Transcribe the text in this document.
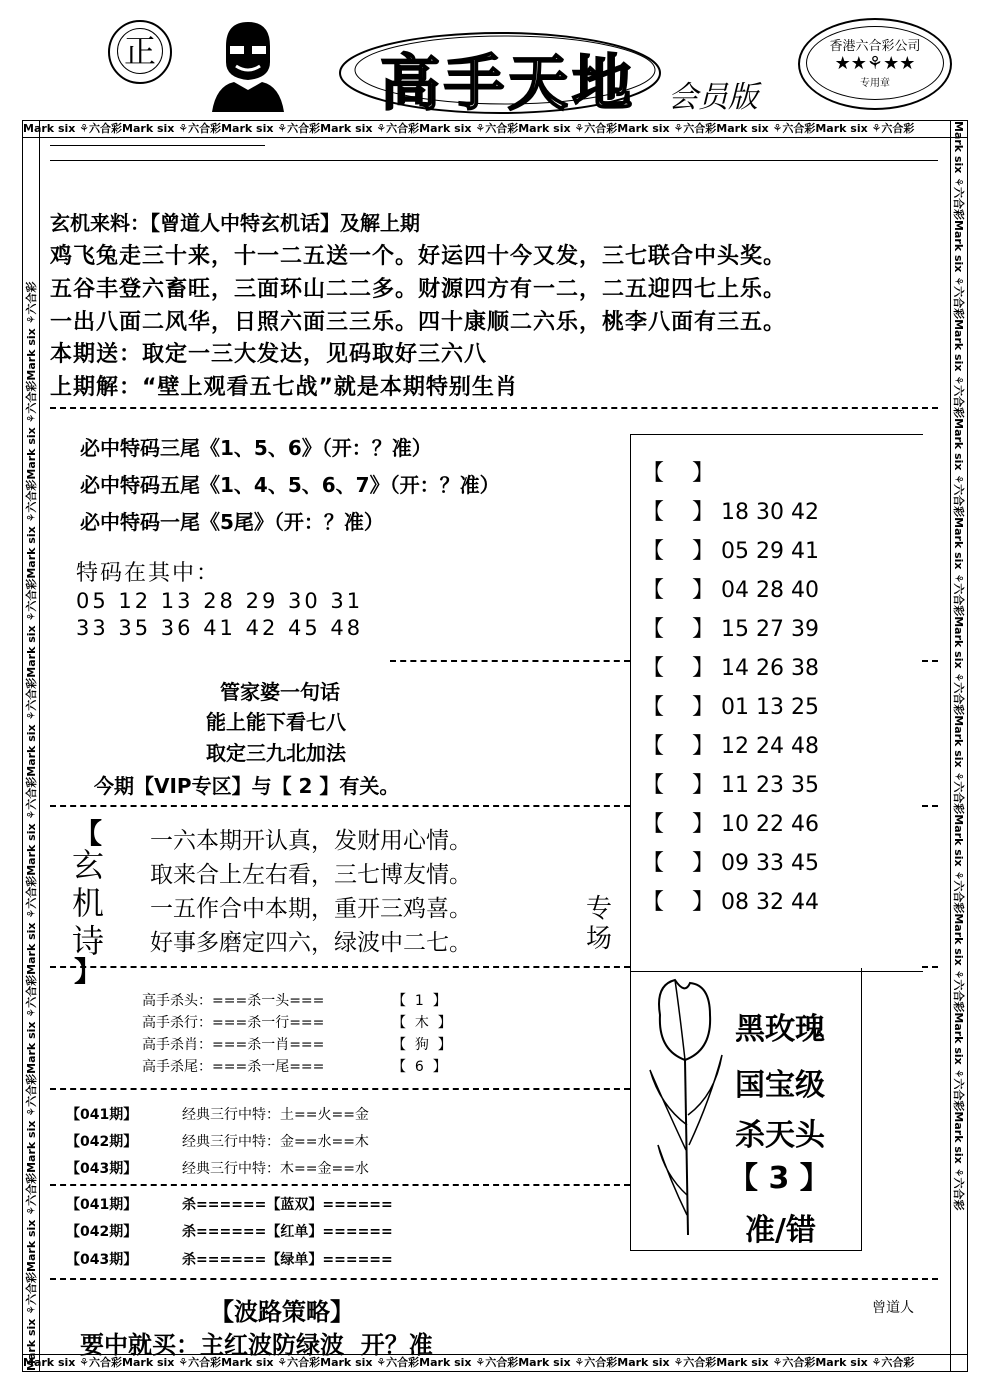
正	高手天地 会员版
香港六合彩公司
★★⚘★★
专用章
Mark six ⚘六合彩Mark six ⚘六合彩Mark six ⚘六合彩Mark six ⚘六合彩Mark six ⚘六合彩Mark six ⚘六合彩Mark six ⚘六合彩Mark six ⚘六合彩Mark six ⚘六合彩
Mark six ⚘六合彩Mark six ⚘六合彩Mark six ⚘六合彩Mark six ⚘六合彩Mark six ⚘六合彩Mark six ⚘六合彩Mark six ⚘六合彩Mark six ⚘六合彩Mark six ⚘六合彩
Mark six ⚘六合彩Mark six ⚘六合彩Mark six ⚘六合彩Mark six ⚘六合彩Mark six ⚘六合彩Mark six ⚘六合彩Mark six ⚘六合彩Mark six ⚘六合彩Mark six ⚘六合彩Mark six ⚘六合彩Mark six ⚘六合彩	Mark six ⚘六合彩Mark six ⚘六合彩Mark six ⚘六合彩Mark six ⚘六合彩Mark six ⚘六合彩Mark six ⚘六合彩Mark six ⚘六合彩Mark six ⚘六合彩Mark six ⚘六合彩Mark six ⚘六合彩Mark six ⚘六合彩
玄机来料：【曾道人中特玄机话】及解上期
鸡飞兔走三十来，十一二五送一个。好运四十今又发，三七联合中头奖。
五谷丰登六畜旺，三面环山二二多。财源四方有一二，二五迎四七上乐。
一出八面二风华，日照六面三三乐。四十康顺二六乐，桃李八面有三五。
本期送：取定一三大发达，见码取好三六八
上期解：“壁上观看五七战”就是本期特别生肖
必中特码三尾《1、5、6》（开：？准）
必中特码五尾《1、4、5、6、7》（开：？准）
必中特码一尾《5尾》（开：？准）
特码在其中：
05 12 13 28 29 30 31
33 35 36 41 42 45 48
管家婆一句话
能上能下看七八
取定三九北加法
今期【VIP专区】与【 2 】有关。
【
玄
机
诗
】
一六本期开认真，发财用心情。
取来合上左右看，三七博友情。
一五作合中本期，重开三鸡喜。
好事多磨定四六，绿波中二七。
专
场
【    】
【    】 18 30 42
【    】 05 29 41
【    】 04 28 40
【    】 15 27 39
【    】 14 26 38
【    】 01 13 25
【    】 12 24 48
【    】 11 23 35
【    】 10 22 46
【    】 09 33 45
【    】 08 32 44
高手杀头：===杀一头===	【  1  】
高手杀行：===杀一行===	【  木  】
高手杀肖：===杀一肖===	【  狗  】
高手杀尾：===杀一尾===	【  6  】
黑玫瑰
国宝级
杀天头
【 3 】
准/错
【041期】	经典三行中特：土==火==金
【042期】	经典三行中特：金==水==木
【043期】	经典三行中特：木==金==水
【041期】	杀======【蓝双】======
【042期】	杀======【红单】======
【043期】	杀======【绿单】======
【波路策略】	曾道人
要中就买：主红波防绿波  开？准
